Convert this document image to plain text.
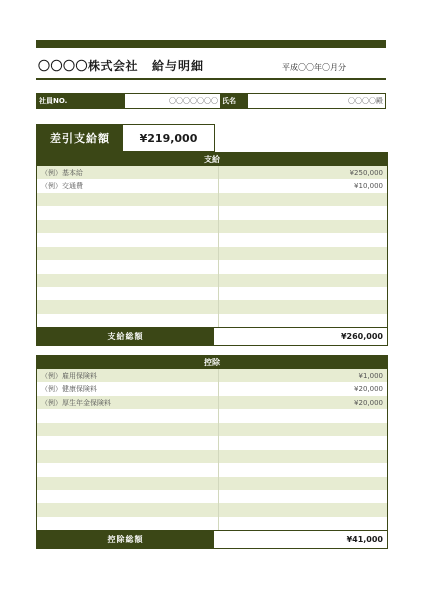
〇〇〇〇株式会社 給与明細	平成〇〇年〇月分
社員NO.	〇〇〇〇〇〇〇 氏名	〇〇〇〇殿
差引支給額	¥219,000
支給
（例）基本給	¥250,000
（例）交通費	¥10,000
支給総額	¥260,000
控除
（例）雇用保険料	¥1,000
（例）健康保険料	¥20,000
（例）厚生年金保険料	¥20,000
控除総額	¥41,000
